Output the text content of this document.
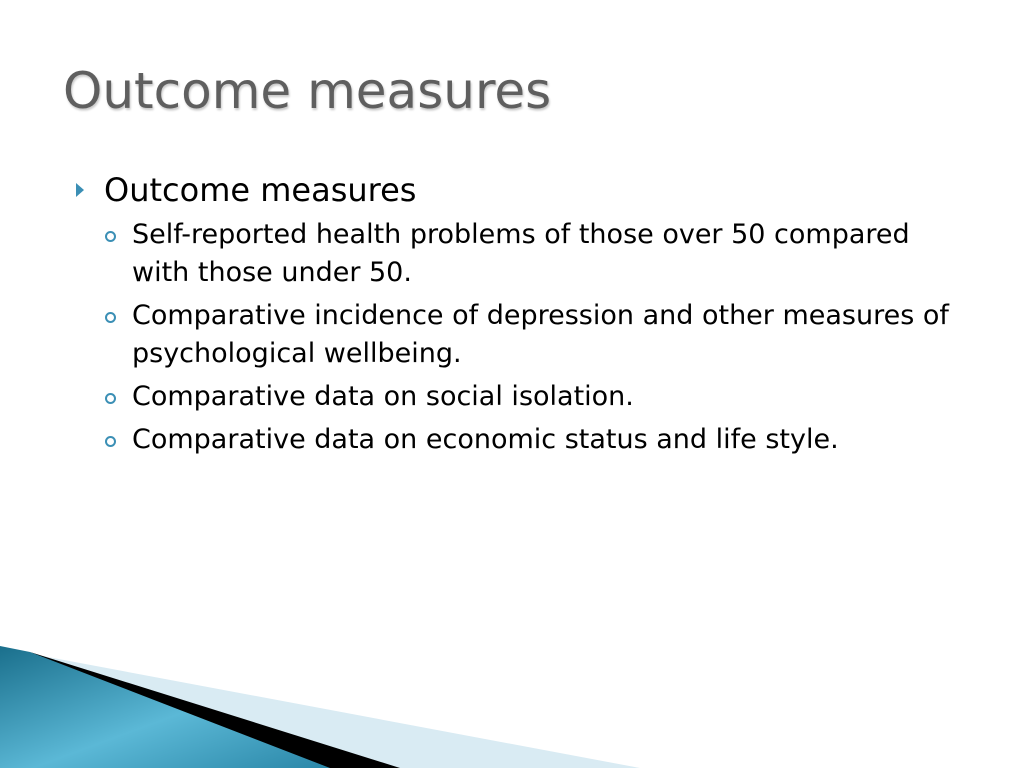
Outcome measures
Outcome measures
Self-reported health problems of those over 50 compared with those under 50.
Comparative incidence of depression and other measures of psychological wellbeing.
Comparative data on social isolation.
Comparative data on economic status and life style.
